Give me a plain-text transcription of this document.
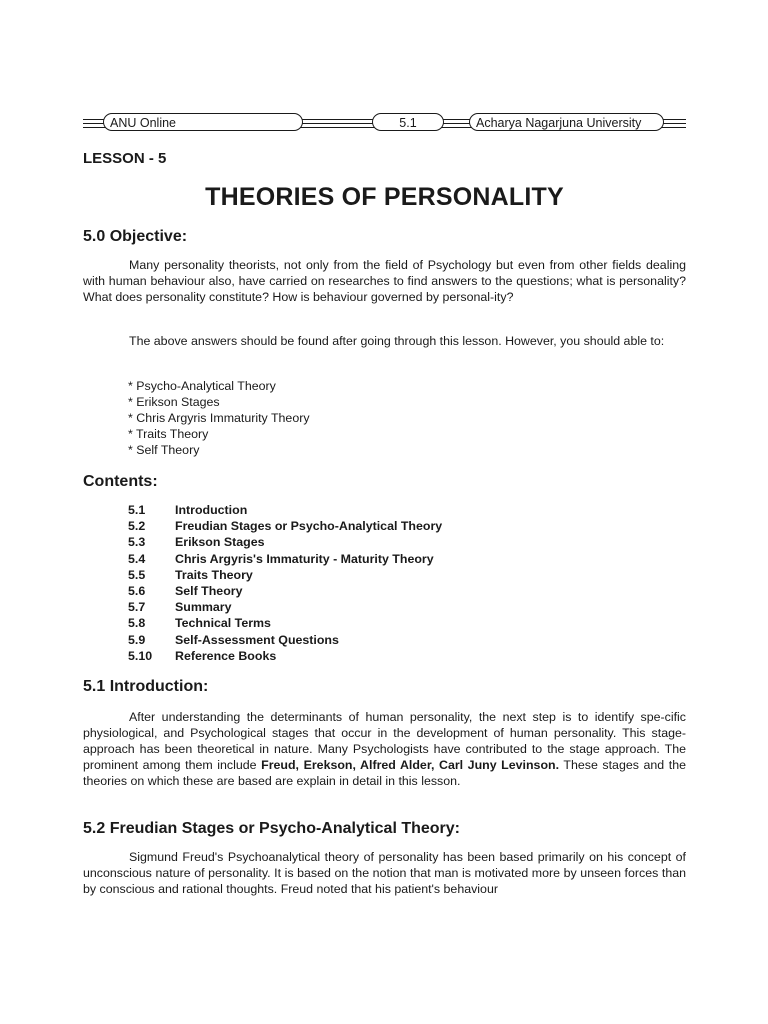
ANU Online	5.1	Acharya Nagarjuna University
LESSON - 5
THEORIES OF PERSONALITY
5.0 Objective:
Many personality theorists, not only from the field of Psychology but even from other fields dealing with human behaviour also, have carried on researches to find answers to the questions; what is personality? What does personality constitute? How is behaviour governed by personal-ity?
The above answers should be found after going through this lesson. However, you should able to:
* Psycho-Analytical Theory
* Erikson Stages
* Chris Argyris Immaturity Theory
* Traits Theory
* Self Theory
Contents:
5.1 Introduction
5.2 Freudian Stages or Psycho-Analytical Theory
5.3 Erikson Stages
5.4 Chris Argyris's Immaturity - Maturity Theory
5.5 Traits Theory
5.6 Self Theory
5.7 Summary
5.8 Technical Terms
5.9 Self-Assessment Questions
5.10 Reference Books
5.1 Introduction:
After understanding the determinants of human personality, the next step is to identify spe-cific physiological, and Psychological stages that occur in the development of human personality. This stage-approach has been theoretical in nature. Many Psychologists have contributed to the stage approach. The prominent among them include Freud, Erekson, Alfred Alder, Carl Juny Levinson. These stages and the theories on which these are based are explain in detail in this lesson.
5.2 Freudian Stages or Psycho-Analytical Theory:
Sigmund Freud's Psychoanalytical theory of personality has been based primarily on his concept of unconscious nature of personality. It is based on the notion that man is motivated more by unseen forces than by conscious and rational thoughts. Freud noted that his patient's behaviour
